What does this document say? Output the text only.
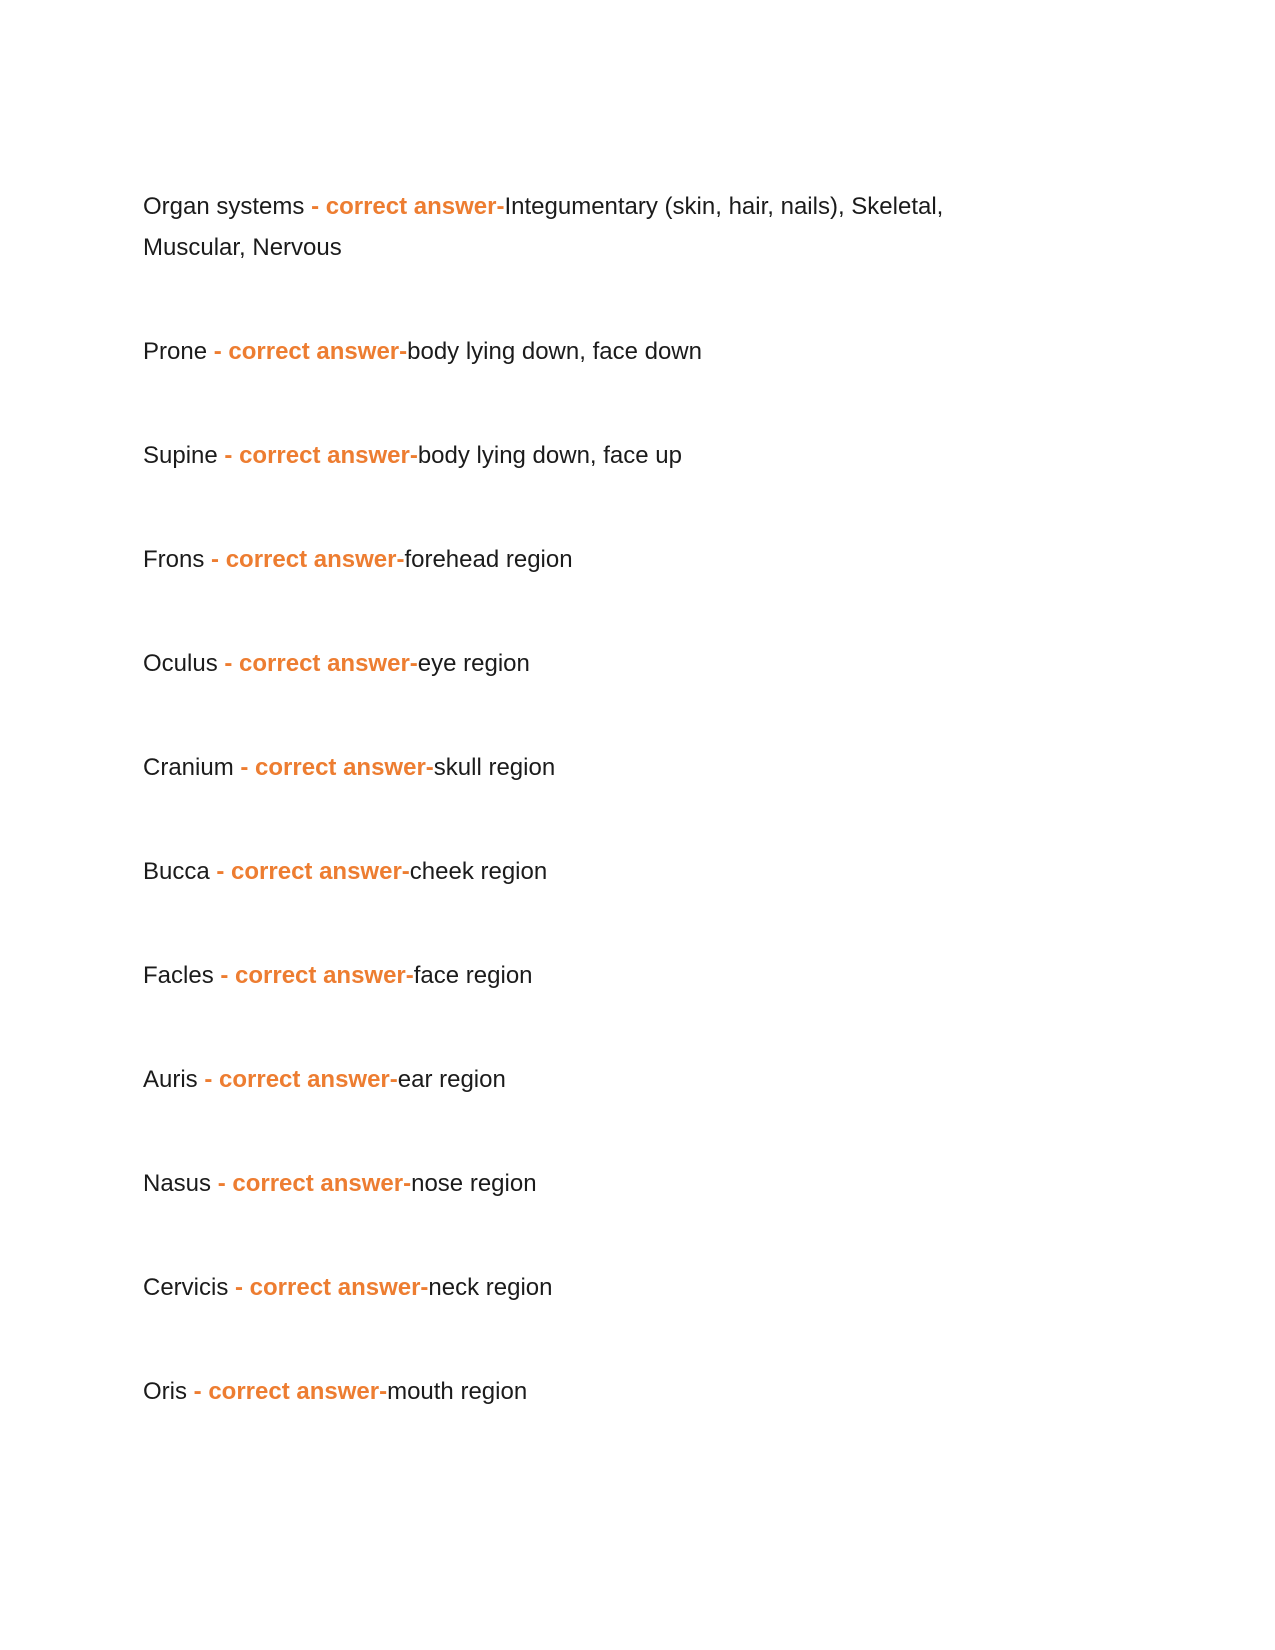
Organ systems - correct answer-Integumentary (skin, hair, nails), Skeletal, Muscular, Nervous

Prone - correct answer-body lying down, face down

Supine - correct answer-body lying down, face up

Frons - correct answer-forehead region

Oculus - correct answer-eye region

Cranium - correct answer-skull region

Bucca - correct answer-cheek region

Facles - correct answer-face region

Auris - correct answer-ear region

Nasus - correct answer-nose region

Cervicis - correct answer-neck region

Oris - correct answer-mouth region
